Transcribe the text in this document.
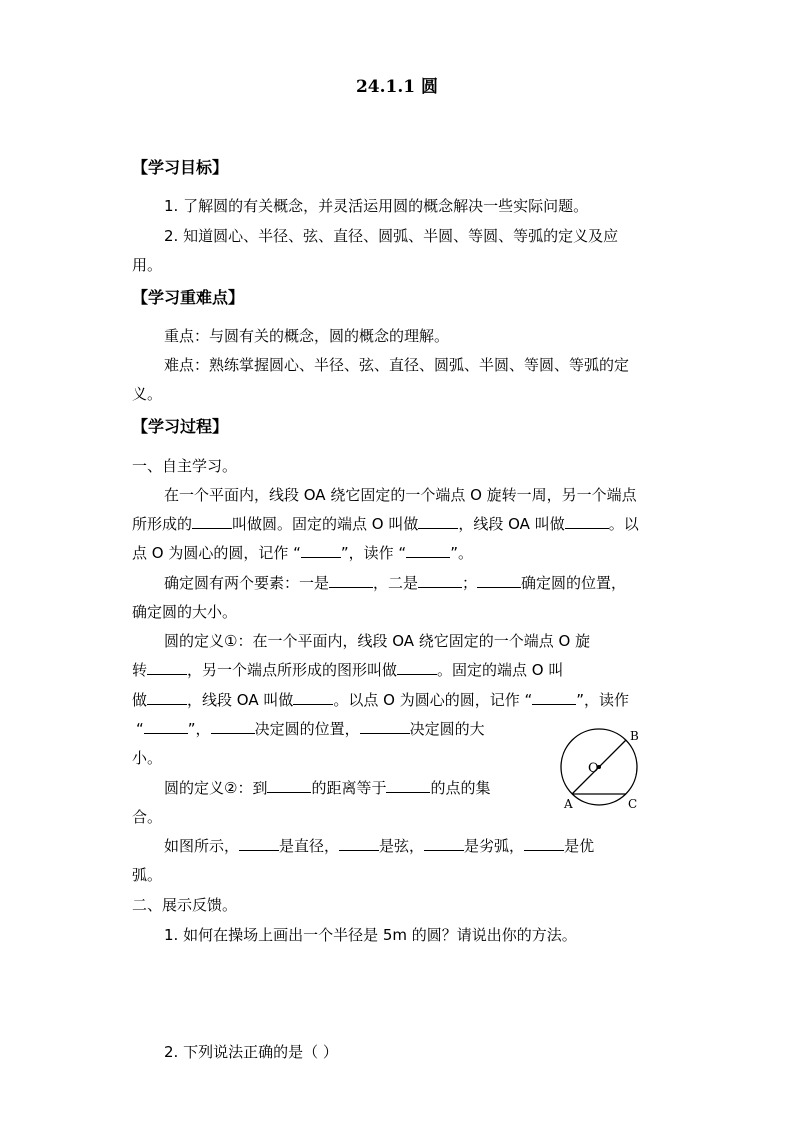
24.1.1 圆
【学习目标】
1. 了解圆的有关概念，并灵活运用圆的概念解决一些实际问题。
2. 知道圆心、半径、弦、直径、圆弧、半圆、等圆、等弧的定义及应
用。
【学习重难点】
重点：与圆有关的概念，圆的概念的理解。
难点：熟练掌握圆心、半径、弦、直径、圆弧、半圆、等圆、等弧的定
义。
【学习过程】
一、自主学习。
在一个平面内，线段 OA 绕它固定的一个端点 O 旋转一周，另一个端点
所形成的	叫做圆。固定的端点 O 叫做	，线段 OA 叫做	。以
点 O 为圆心的圆，记作 “	”，读作 “	”。
确定圆有两个要素：一是	，二是	；	确定圆的位置，
确定圆的大小。
圆的定义①：在一个平面内，线段 OA 绕它固定的一个端点 O 旋
转	，另一个端点所形成的图形叫做	。固定的端点 O 叫
做	，线段 OA 叫做	。以点 O 为圆心的圆，记作 “	”，读作
“	”，	决定圆的位置，	决定圆的大
小。
圆的定义②：到	的距离等于	的点的集
合。
如图所示，	是直径，	是弦，	是劣弧，	是优
弧。
二、展示反馈。
1. 如何在操场上画出一个半径是 5m 的圆？请说出你的方法。
2. 下列说法正确的是（ ）
O
B
A	C
